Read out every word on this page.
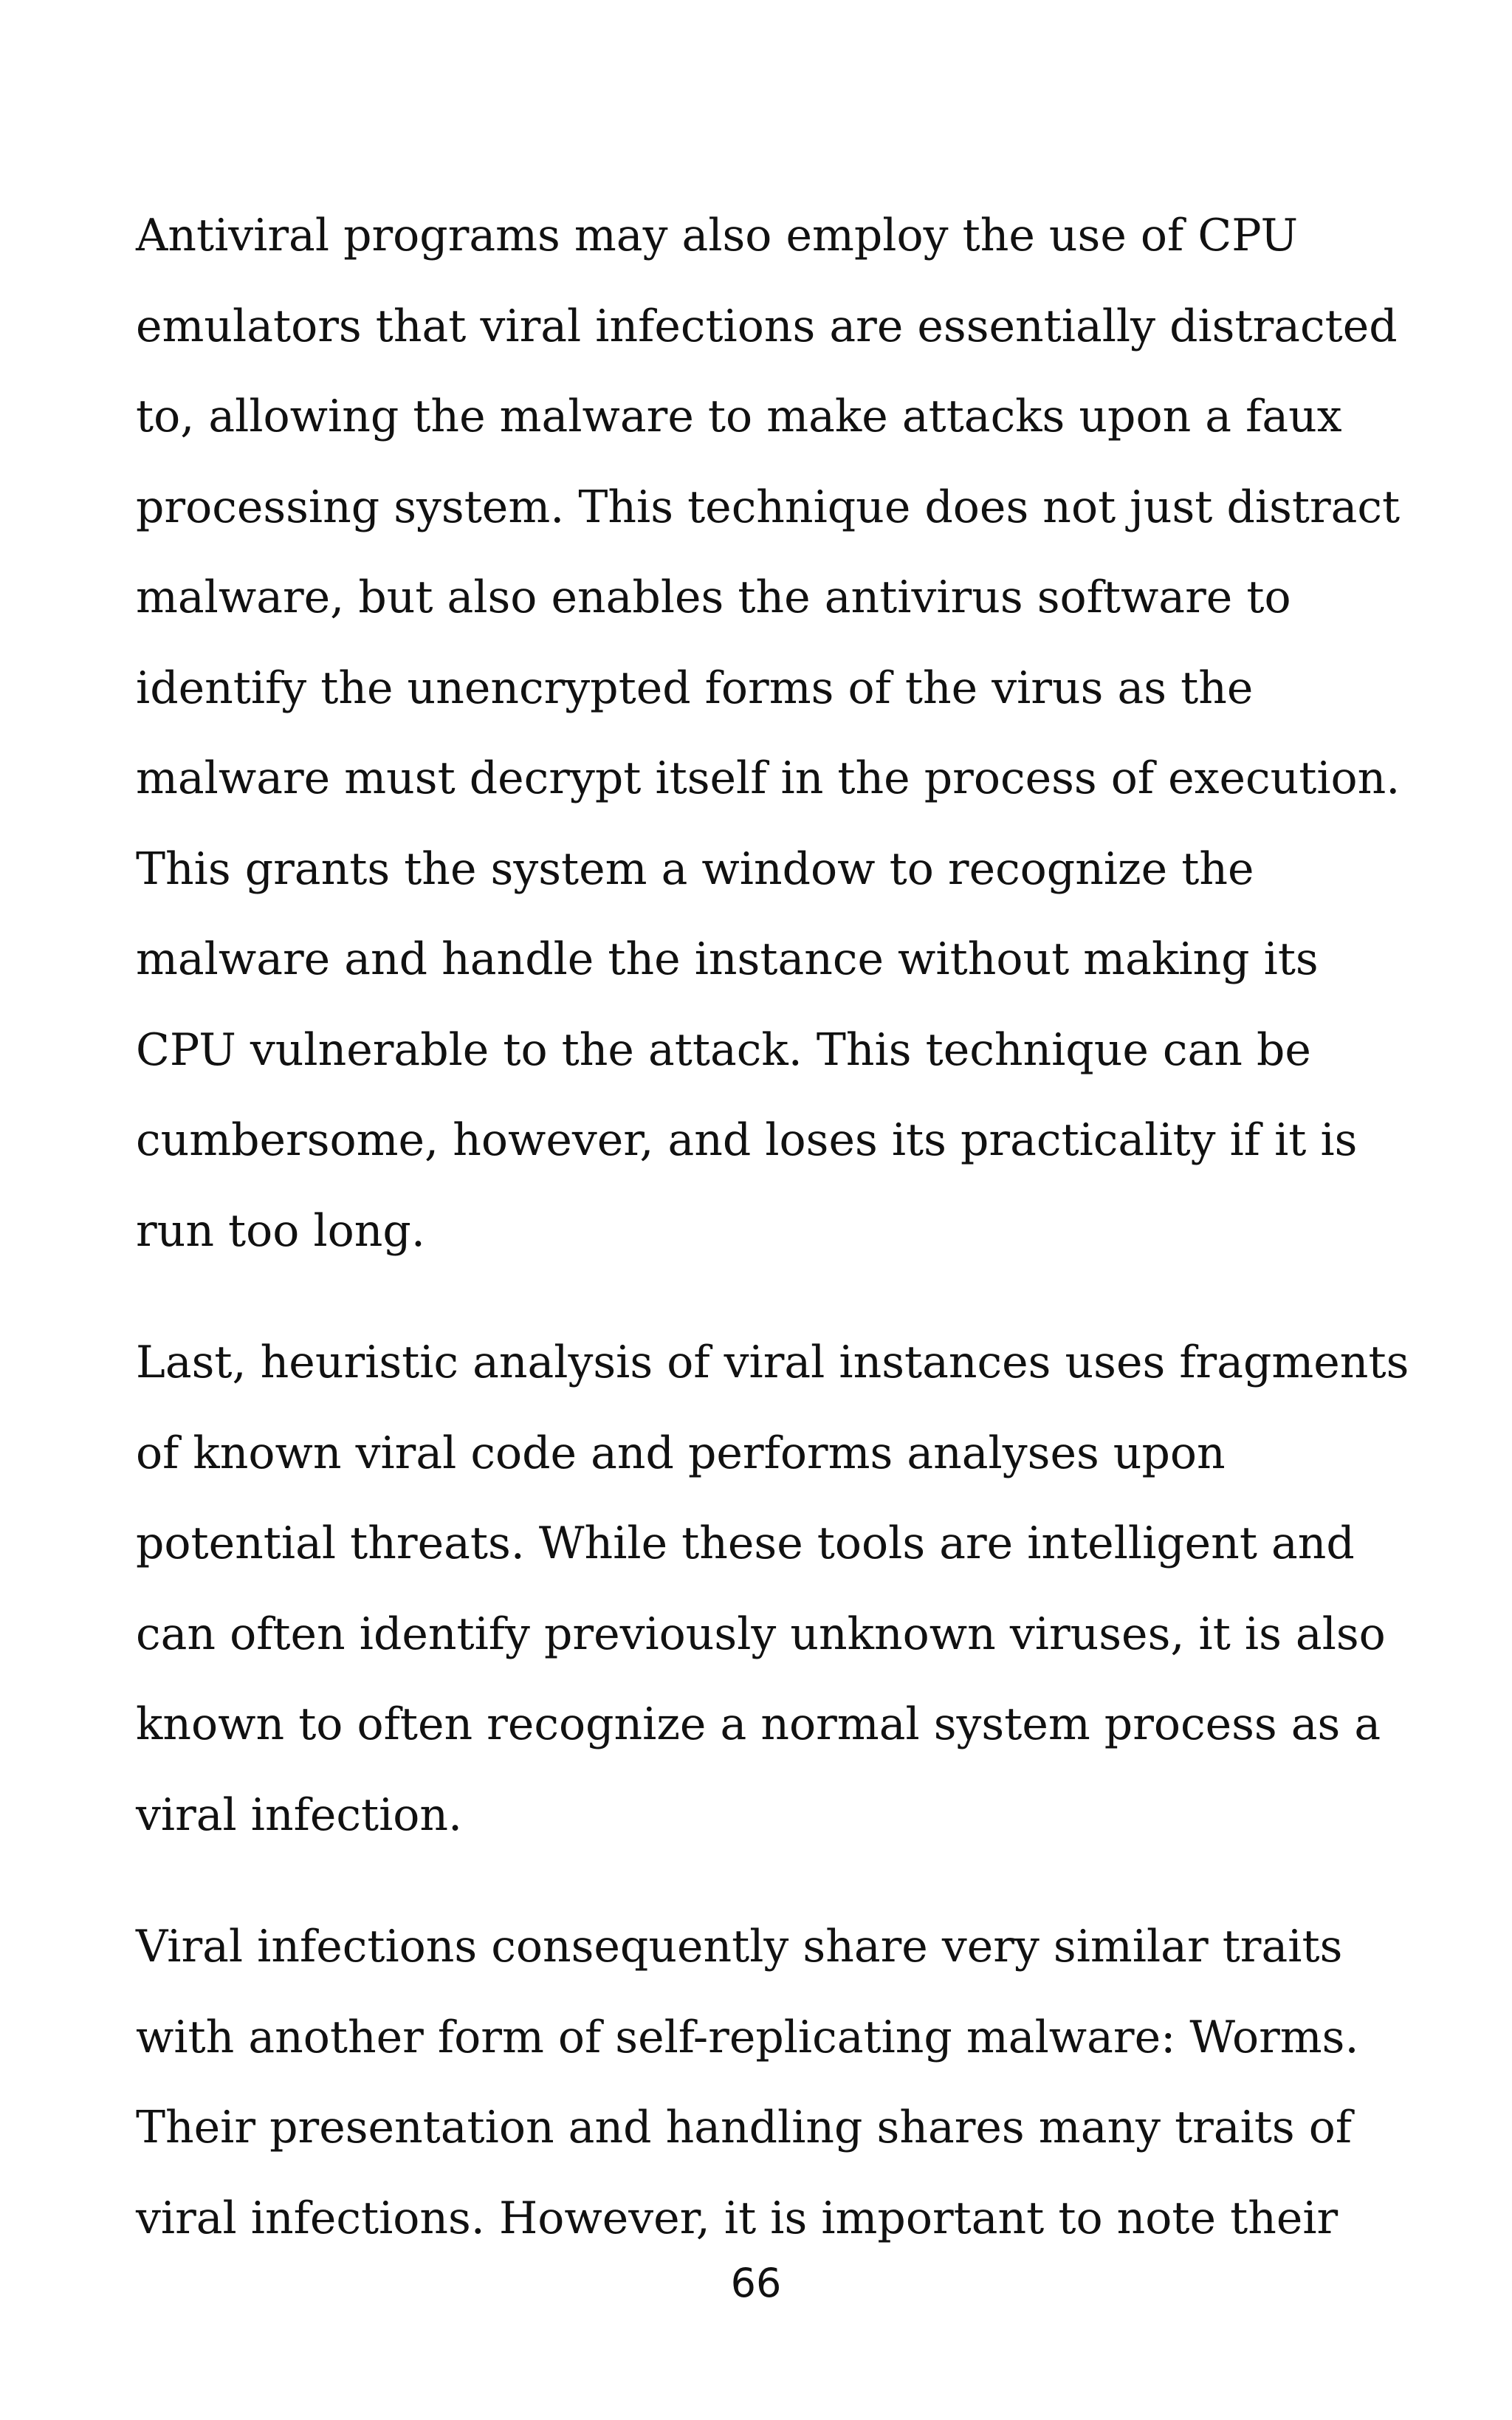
Antiviral programs may also employ the use of CPU
emulators that viral infections are essentially distracted
to, allowing the malware to make attacks upon a faux
processing system. This technique does not just distract
malware, but also enables the antivirus software to
identify the unencrypted forms of the virus as the
malware must decrypt itself in the process of execution.
This grants the system a window to recognize the
malware and handle the instance without making its
CPU vulnerable to the attack. This technique can be
cumbersome, however, and loses its practicality if it is
run too long.

Last, heuristic analysis of viral instances uses fragments
of known viral code and performs analyses upon
potential threats. While these tools are intelligent and
can often identify previously unknown viruses, it is also
known to often recognize a normal system process as a
viral infection.

Viral infections consequently share very similar traits
with another form of self-replicating malware: Worms.
Their presentation and handling shares many traits of
viral infections. However, it is important to note their

66
